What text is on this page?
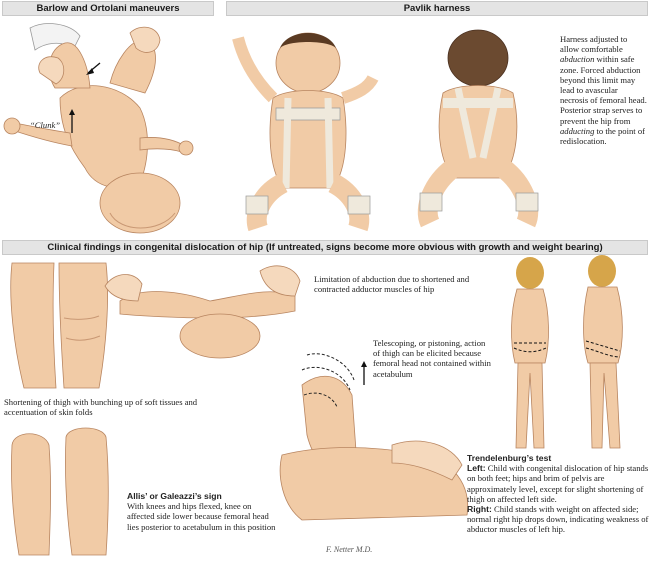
Barlow and Ortolani maneuvers	Pavlik harness
Clinical findings in congenital dislocation of hip (If untreated, signs become more obvious with growth and weight bearing)
“Clunk”
Harness adjusted to allow comfortable abduction within safe zone. Forced abduction beyond this limit may lead to avascular necrosis of femoral head. Posterior strap serves to prevent the hip from adducting to the point of redislocation.
Shortening of thigh with bunching up of soft tissues and accentuation of skin folds
Limitation of abduction due to shortened and contracted adductor muscles of hip
Telescoping, or pistoning, action of thigh can be elicited because femoral head not contained within acetabulum
Allis’ or Galeazzi’s sign
With knees and hips flexed, knee on affected side lower because femoral head lies posterior to acetabulum in this position
Trendelenburg’s test
Left: Child with congenital dislocation of hip stands on both feet; hips and brim of pelvis are approximately level, except for slight shortening of thigh on affected left side.
Right: Child stands with weight on affected side; normal right hip drops down, indicating weakness of abductor muscles of left hip.
F. Netter M.D.
